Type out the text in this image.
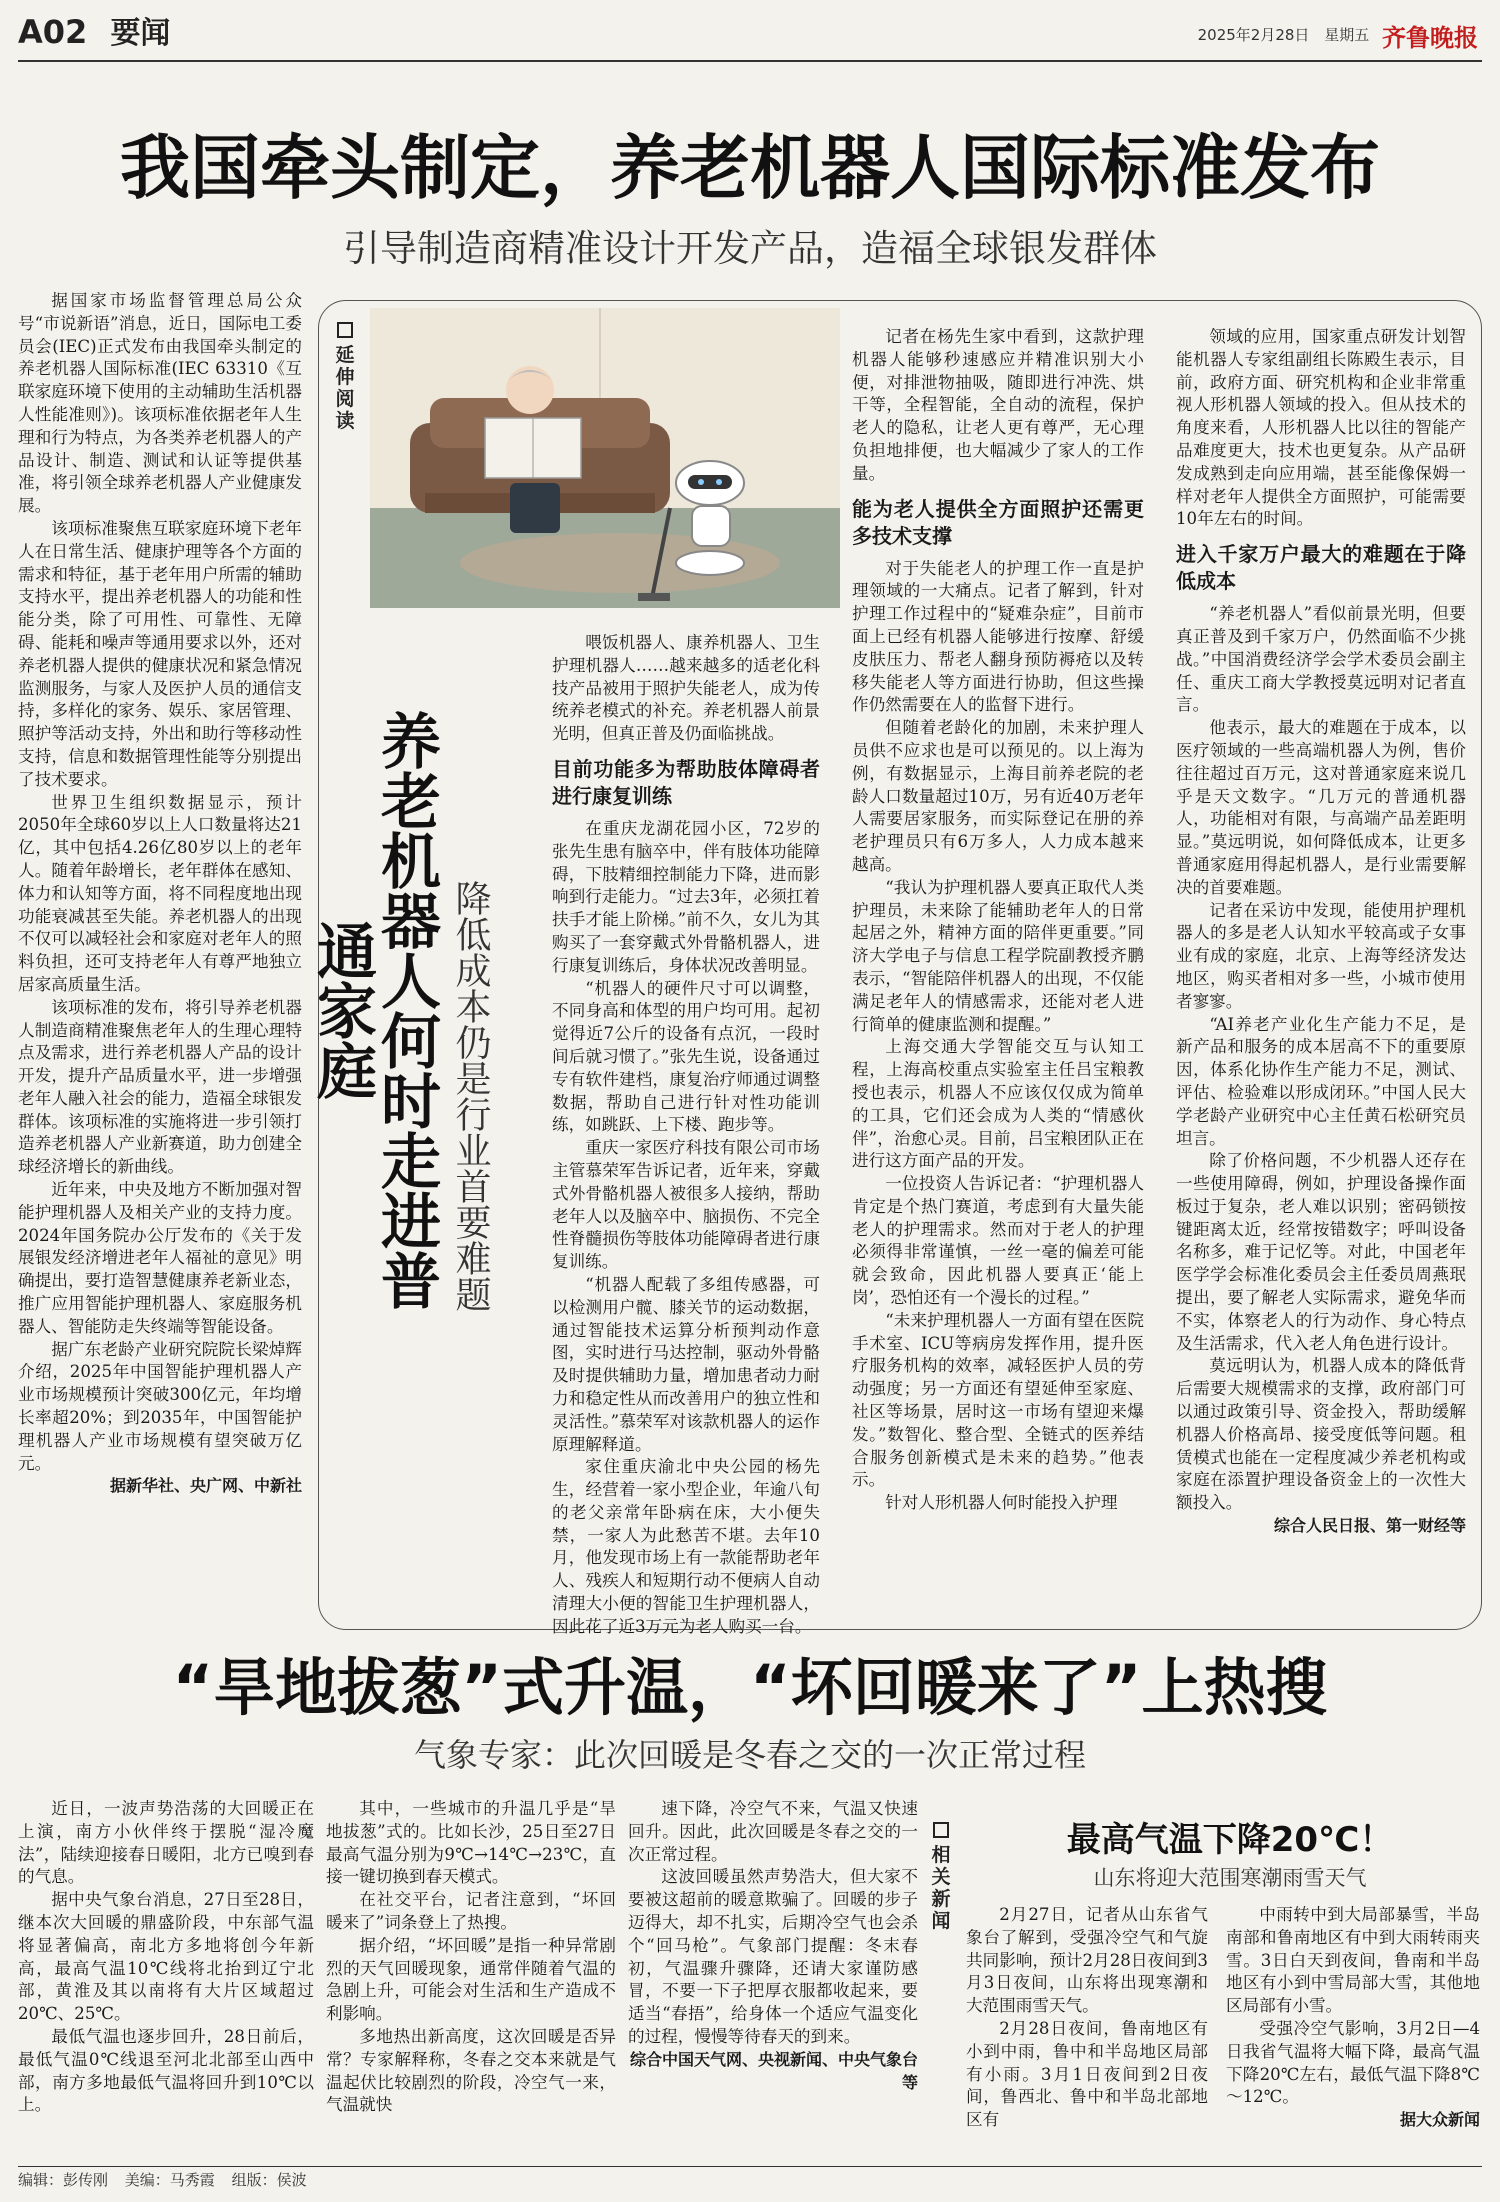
A02 要闻	2025年2月28日 星期五 齐鲁晚报
我国牵头制定，养老机器人国际标准发布
引导制造商精准设计开发产品，造福全球银发群体

据国家市场监督管理总局公众号“市说新语”消息，近日，国际电工委员会(IEC)正式发布由我国牵头制定的养老机器人国际标准(IEC 63310《互联家庭环境下使用的主动辅助生活机器人性能准则》)。该项标准依据老年人生理和行为特点，为各类养老机器人的产品设计、制造、测试和认证等提供基准，将引领全球养老机器人产业健康发展。

该项标准聚焦互联家庭环境下老年人在日常生活、健康护理等各个方面的需求和特征，基于老年用户所需的辅助支持水平，提出养老机器人的功能和性能分类，除了可用性、可靠性、无障碍、能耗和噪声等通用要求以外，还对养老机器人提供的健康状况和紧急情况监测服务，与家人及医护人员的通信支持，多样化的家务、娱乐、家居管理、照护等活动支持，外出和助行等移动性支持，信息和数据管理性能等分别提出了技术要求。

世界卫生组织数据显示，预计2050年全球60岁以上人口数量将达21亿，其中包括4.26亿80岁以上的老年人。随着年龄增长，老年群体在感知、体力和认知等方面，将不同程度地出现功能衰减甚至失能。养老机器人的出现不仅可以减轻社会和家庭对老年人的照料负担，还可支持老年人有尊严地独立居家高质量生活。

该项标准的发布，将引导养老机器人制造商精准聚焦老年人的生理心理特点及需求，进行养老机器人产品的设计开发，提升产品质量水平，进一步增强老年人融入社会的能力，造福全球银发群体。该项标准的实施将进一步引领打造养老机器人产业新赛道，助力创建全球经济增长的新曲线。

近年来，中央及地方不断加强对智能护理机器人及相关产业的支持力度。2024年国务院办公厅发布的《关于发展银发经济增进老年人福祉的意见》明确提出，要打造智慧健康养老新业态，推广应用智能护理机器人、家庭服务机器人、智能防走失终端等智能设备。

据广东老龄产业研究院院长梁焯辉介绍，2025年中国智能护理机器人产业市场规模预计突破300亿元，年均增长率超20%；到2035年，中国智能护理机器人产业市场规模有望突破万亿元。

据新华社、央广网、中新社

延伸阅读
养老机器人何时走进普通家庭	降低成本仍是行业首要难题

喂饭机器人、康养机器人、卫生护理机器人……越来越多的适老化科技产品被用于照护失能老人，成为传统养老模式的补充。养老机器人前景光明，但真正普及仍面临挑战。

目前功能多为帮助肢体障碍者进行康复训练

在重庆龙湖花园小区，72岁的张先生患有脑卒中，伴有肢体功能障碍，下肢精细控制能力下降，进而影响到行走能力。“过去3年，必须扛着扶手才能上阶梯。”前不久，女儿为其购买了一套穿戴式外骨骼机器人，进行康复训练后，身体状况改善明显。

“机器人的硬件尺寸可以调整，不同身高和体型的用户均可用。起初觉得近7公斤的设备有点沉，一段时间后就习惯了。”张先生说，设备通过专有软件建档，康复治疗师通过调整数据，帮助自己进行针对性功能训练，如跳跃、上下楼、跑步等。

重庆一家医疗科技有限公司市场主管慕荣军告诉记者，近年来，穿戴式外骨骼机器人被很多人接纳，帮助老年人以及脑卒中、脑损伤、不完全性脊髓损伤等肢体功能障碍者进行康复训练。

“机器人配载了多组传感器，可以检测用户髋、膝关节的运动数据，通过智能技术运算分析预判动作意图，实时进行马达控制，驱动外骨骼及时提供辅助力量，增加患者动力耐力和稳定性从而改善用户的独立性和灵活性。”慕荣军对该款机器人的运作原理解释道。

家住重庆渝北中央公园的杨先生，经营着一家小型企业，年逾八旬的老父亲常年卧病在床，大小便失禁，一家人为此愁苦不堪。去年10月，他发现市场上有一款能帮助老年人、残疾人和短期行动不便病人自动清理大小便的智能卫生护理机器人，因此花了近3万元为老人购买一台。

记者在杨先生家中看到，这款护理机器人能够秒速感应并精准识别大小便，对排泄物抽吸，随即进行冲洗、烘干等，全程智能，全自动的流程，保护老人的隐私，让老人更有尊严，无心理负担地排便，也大幅减少了家人的工作量。

能为老人提供全方面照护还需更多技术支撑

对于失能老人的护理工作一直是护理领域的一大痛点。记者了解到，针对护理工作过程中的“疑难杂症”，目前市面上已经有机器人能够进行按摩、舒缓皮肤压力、帮老人翻身预防褥疮以及转移失能老人等方面进行协助，但这些操作仍然需要在人的监督下进行。

但随着老龄化的加剧，未来护理人员供不应求也是可以预见的。以上海为例，有数据显示，上海目前养老院的老龄人口数量超过10万，另有近40万老年人需要居家服务，而实际登记在册的养老护理员只有6万多人，人力成本越来越高。

“我认为护理机器人要真正取代人类护理员，未来除了能辅助老年人的日常起居之外，精神方面的陪伴更重要。”同济大学电子与信息工程学院副教授齐鹏表示，“智能陪伴机器人的出现，不仅能满足老年人的情感需求，还能对老人进行简单的健康监测和提醒。”

上海交通大学智能交互与认知工程，上海高校重点实验室主任吕宝粮教授也表示，机器人不应该仅仅成为简单的工具，它们还会成为人类的“情感伙伴”，治愈心灵。目前，吕宝粮团队正在进行这方面产品的开发。

一位投资人告诉记者：“护理机器人肯定是个热门赛道，考虑到有大量失能老人的护理需求。然而对于老人的护理必须得非常谨慎，一丝一毫的偏差可能就会致命，因此机器人要真正‘能上岗’，恐怕还有一个漫长的过程。”

“未来护理机器人一方面有望在医院手术室、ICU等病房发挥作用，提升医疗服务机构的效率，减轻医护人员的劳动强度；另一方面还有望延伸至家庭、社区等场景，居时这一市场有望迎来爆发。”数智化、整合型、全链式的医养结合服务创新模式是未来的趋势。”他表示。

针对人形机器人何时能投入护理

领域的应用，国家重点研发计划智能机器人专家组副组长陈殿生表示，目前，政府方面、研究机构和企业非常重视人形机器人领域的投入。但从技术的角度来看，人形机器人比以往的智能产品难度更大，技术也更复杂。从产品研发成熟到走向应用端，甚至能像保姆一样对老年人提供全方面照护，可能需要10年左右的时间。

进入千家万户最大的难题在于降低成本

“养老机器人”看似前景光明，但要真正普及到千家万户，仍然面临不少挑战。”中国消费经济学会学术委员会副主任、重庆工商大学教授莫远明对记者直言。

他表示，最大的难题在于成本，以医疗领域的一些高端机器人为例，售价往往超过百万元，这对普通家庭来说几乎是天文数字。“几万元的普通机器人，功能相对有限，与高端产品差距明显。”莫远明说，如何降低成本，让更多普通家庭用得起机器人，是行业需要解决的首要难题。

记者在采访中发现，能使用护理机器人的多是老人认知水平较高或子女事业有成的家庭，北京、上海等经济发达地区，购买者相对多一些，小城市使用者寥寥。

“AI养老产业化生产能力不足，是新产品和服务的成本居高不下的重要原因，体系化协作生产能力不足，测试、评估、检验难以形成闭环。”中国人民大学老龄产业研究中心主任黄石松研究员坦言。

除了价格问题，不少机器人还存在一些使用障碍，例如，护理设备操作面板过于复杂，老人难以识别；密码锁按键距离太近，经常按错数字；呼叫设备名称多，难于记忆等。对此，中国老年医学学会标准化委员会主任委员周燕珉提出，要了解老人实际需求，避免华而不实，体察老人的行为动作、身心特点及生活需求，代入老人角色进行设计。

莫远明认为，机器人成本的降低背后需要大规模需求的支撑，政府部门可以通过政策引导、资金投入，帮助缓解机器人价格高昂、接受度低等问题。租赁模式也能在一定程度减少养老机构或家庭在添置护理设备资金上的一次性大额投入。

综合人民日报、第一财经等

“旱地拔葱”式升温，“坏回暖来了”上热搜
气象专家：此次回暖是冬春之交的一次正常过程

近日，一波声势浩荡的大回暖正在上演，南方小伙伴终于摆脱“湿冷魔法”，陆续迎接春日暖阳，北方已嗅到春的气息。

据中央气象台消息，27日至28日，继本次大回暖的鼎盛阶段，中东部气温将显著偏高，南北方多地将创今年新高，最高气温10℃线将北抬到辽宁北部，黄淮及其以南将有大片区域超过20℃、25℃。

最低气温也逐步回升，28日前后，最低气温0℃线退至河北北部至山西中部，南方多地最低气温将回升到10℃以上。

其中，一些城市的升温几乎是“旱地拔葱”式的。比如长沙，25日至27日最高气温分别为9℃→14℃→23℃，直接一键切换到春天模式。

在社交平台，记者注意到，“坏回暖来了”词条登上了热搜。

据介绍，“坏回暖”是指一种异常剧烈的天气回暖现象，通常伴随着气温的急剧上升，可能会对生活和生产造成不利影响。

多地热出新高度，这次回暖是否异常？专家解释称，冬春之交本来就是气温起伏比较剧烈的阶段，冷空气一来，气温就快

速下降，冷空气不来，气温又快速回升。因此，此次回暖是冬春之交的一次正常过程。

这波回暖虽然声势浩大，但大家不要被这超前的暖意欺骗了。回暖的步子迈得大，却不扎实，后期冷空气也会杀个“回马枪”。气象部门提醒：冬末春初，气温骤升骤降，还请大家谨防感冒，不要一下子把厚衣服都收起来，要适当“春捂”，给身体一个适应气温变化的过程，慢慢等待春天的到来。

综合中国天气网、央视新闻、中央气象台等

相关新闻
最高气温下降20℃！
山东将迎大范围寒潮雨雪天气

2月27日，记者从山东省气象台了解到，受强冷空气和气旋共同影响，预计2月28日夜间到3月3日夜间，山东将出现寒潮和大范围雨雪天气。

2月28日夜间，鲁南地区有小到中雨，鲁中和半岛地区局部有小雨。3月1日夜间到2日夜间，鲁西北、鲁中和半岛北部地区有

中雨转中到大局部暴雪，半岛南部和鲁南地区有中到大雨转雨夹雪。3日白天到夜间，鲁南和半岛地区有小到中雪局部大雪，其他地区局部有小雪。

受强冷空气影响，3月2日—4日我省气温将大幅下降，最高气温下降20℃左右，最低气温下降8℃～12℃。

据大众新闻

编辑：彭传刚 美编：马秀霞 组版：侯波
